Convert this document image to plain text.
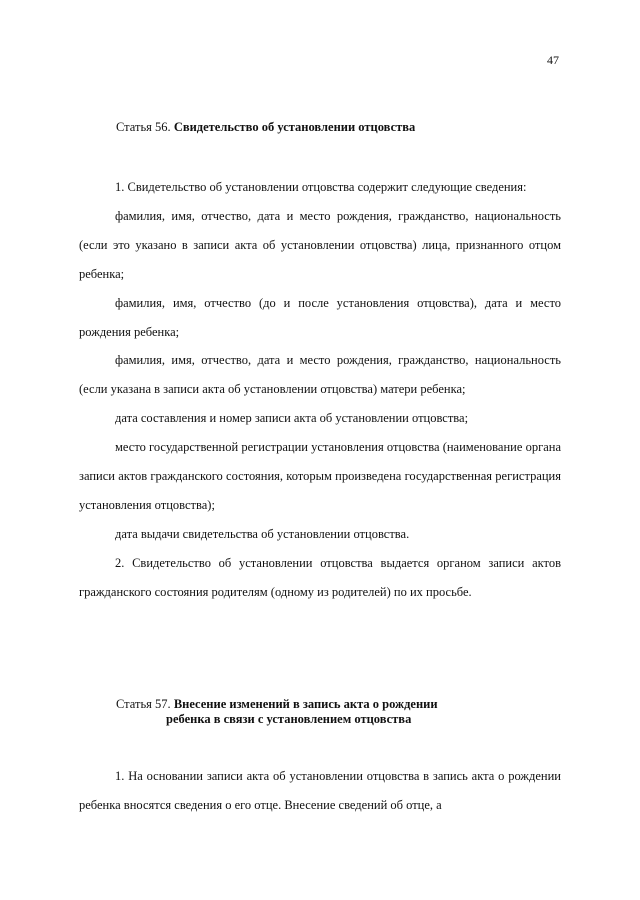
47
Статья 56. Свидетельство об установлении отцовства

1. Свидетельство об установлении отцовства содержит следующие сведения:

фамилия, имя, отчество, дата и место рождения, гражданство, национальность (если это указано в записи акта об установлении отцовства) лица, признанного отцом ребенка;

фамилия, имя, отчество (до и после установления отцовства), дата и место рождения ребенка;

фамилия, имя, отчество, дата и место рождения, гражданство, национальность (если указана в записи акта об установлении отцовства) матери ребенка;

дата составления и номер записи акта об установлении отцовства;

место государственной регистрации установления отцовства (наименование органа записи актов гражданского состояния, которым произведена государственная регистрация установления отцовства);

дата выдачи свидетельства об установлении отцовства.

2. Свидетельство об установлении отцовства выдается органом записи актов гражданского состояния родителям (одному из родителей) по их просьбе.

Статья 57. Внесение изменений в запись акта о рождении
ребенка в связи с установлением отцовства

1. На основании записи акта об установлении отцовства в запись акта о рождении ребенка вносятся сведения о его отце. Внесение сведений об отце, а
